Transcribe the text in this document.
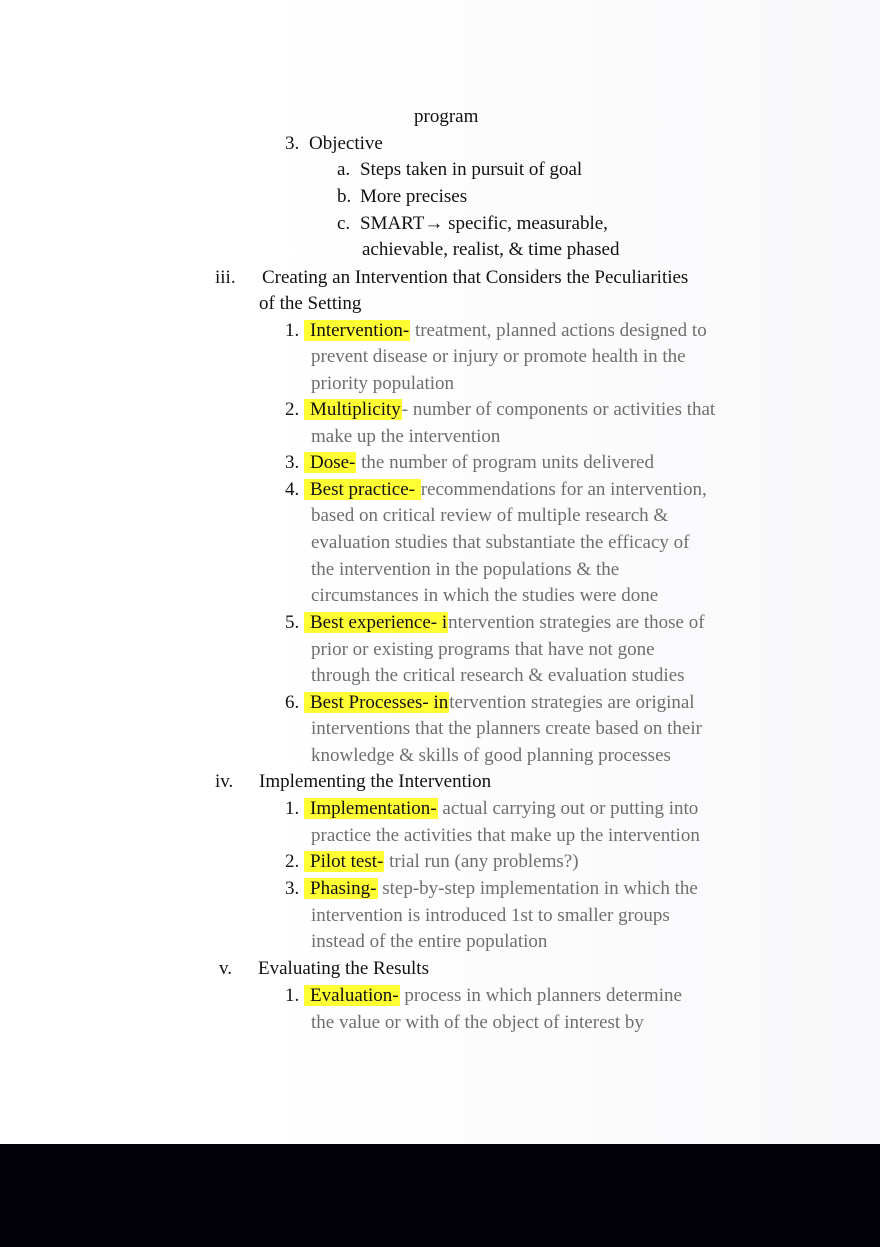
program
3. Objective
a. Steps taken in pursuit of goal
b. More precises
c. SMART→ specific, measurable,
achievable, realist, & time phased
iii. Creating an Intervention that Considers the Peculiarities
of the Setting
1. Intervention- treatment, planned actions designed to
prevent disease or injury or promote health in the
priority population
2. Multiplicity- number of components or activities that
make up the intervention
3. Dose- the number of program units delivered
4. Best practice- recommendations for an intervention,
based on critical review of multiple research &
evaluation studies that substantiate the efficacy of
the intervention in the populations & the
circumstances in which the studies were done
5. Best experience- intervention strategies are those of
prior or existing programs that have not gone
through the critical research & evaluation studies
6. Best Processes- intervention strategies are original
interventions that the planners create based on their
knowledge & skills of good planning processes
iv. Implementing the Intervention
1. Implementation- actual carrying out or putting into
practice the activities that make up the intervention
2. Pilot test- trial run (any problems?)
3. Phasing- step-by-step implementation in which the
intervention is introduced 1st to smaller groups
instead of the entire population
v. Evaluating the Results
1. Evaluation- process in which planners determine
the value or with of the object of interest by
